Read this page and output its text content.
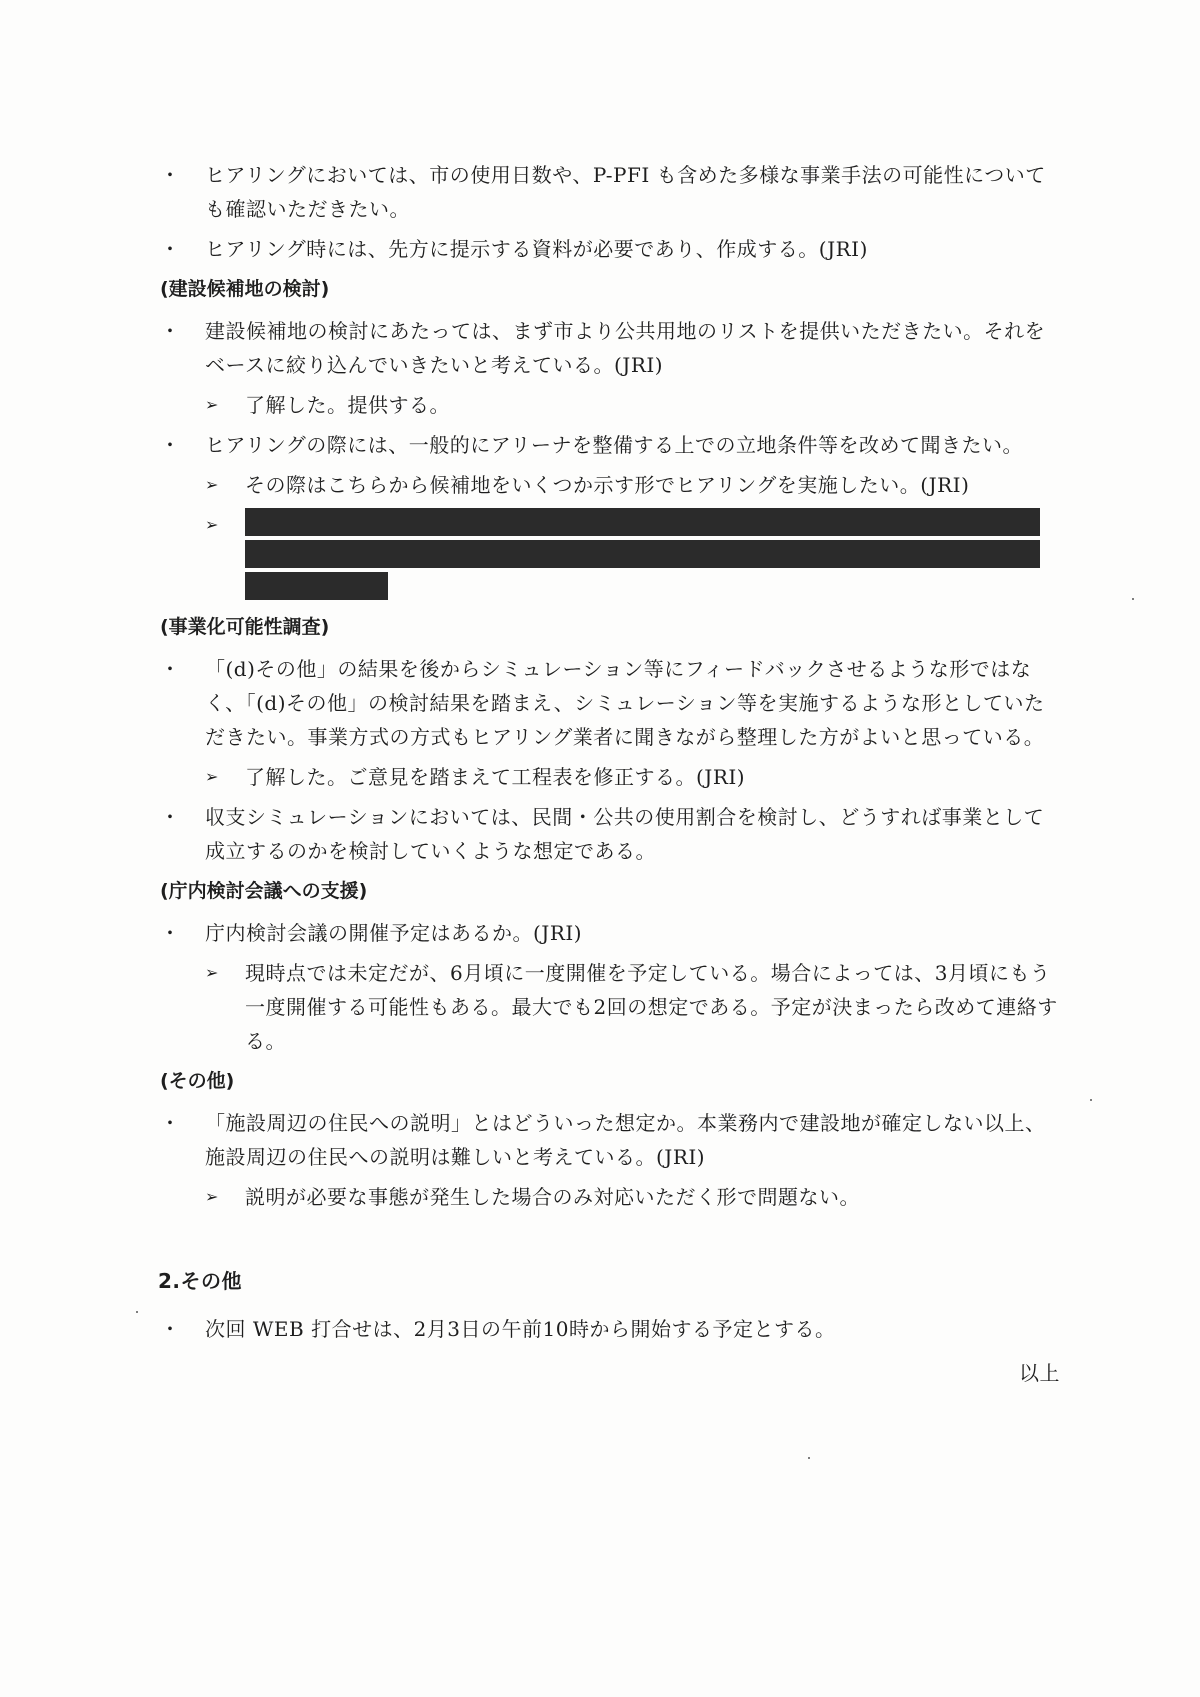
・ ヒアリングにおいては、市の使用日数や、P-PFI も含めた多様な事業手法の可能性についても確認いただきたい。
・ ヒアリング時には、先方に提示する資料が必要であり、作成する。(JRI)
(建設候補地の検討)
・ 建設候補地の検討にあたっては、まず市より公共用地のリストを提供いただきたい。それをベースに絞り込んでいきたいと考えている。(JRI)
➢ 了解した。提供する。
・ ヒアリングの際には、一般的にアリーナを整備する上での立地条件等を改めて聞きたい。
➢ その際はこちらから候補地をいくつか示す形でヒアリングを実施したい。(JRI)
➢
(事業化可能性調査)
・ 「(d)その他」の結果を後からシミュレーション等にフィードバックさせるような形ではなく、「(d)その他」の検討結果を踏まえ、シミュレーション等を実施するような形としていただきたい。事業方式の方式もヒアリング業者に聞きながら整理した方がよいと思っている。
➢ 了解した。ご意見を踏まえて工程表を修正する。(JRI)
・ 収支シミュレーションにおいては、民間・公共の使用割合を検討し、どうすれば事業として成立するのかを検討していくような想定である。
(庁内検討会議への支援)
・ 庁内検討会議の開催予定はあるか。(JRI)
➢ 現時点では未定だが、6月頃に一度開催を予定している。場合によっては、3月頃にもう一度開催する可能性もある。最大でも2回の想定である。予定が決まったら改めて連絡する。
(その他)
・ 「施設周辺の住民への説明」とはどういった想定か。本業務内で建設地が確定しない以上、施設周辺の住民への説明は難しいと考えている。(JRI)
➢ 説明が必要な事態が発生した場合のみ対応いただく形で問題ない。
2.その他
・ 次回 WEB 打合せは、2月3日の午前10時から開始する予定とする。
以上
